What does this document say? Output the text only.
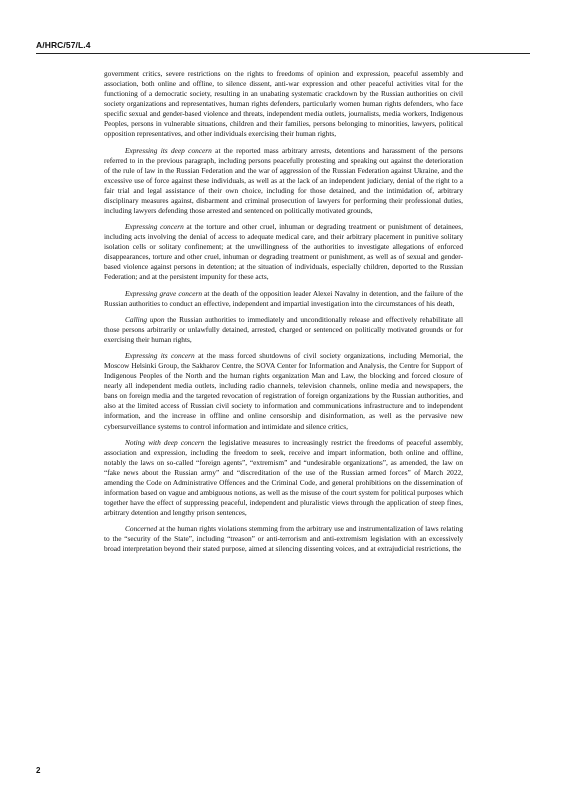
A/HRC/57/L.4

government critics, severe restrictions on the rights to freedoms of opinion and expression, peaceful assembly and association, both online and offline, to silence dissent, anti-war expression and other peaceful activities vital for the functioning of a democratic society, resulting in an unabating systematic crackdown by the Russian authorities on civil society organizations and representatives, human rights defenders, particularly women human rights defenders, who face specific sexual and gender-based violence and threats, independent media outlets, journalists, media workers, Indigenous Peoples, persons in vulnerable situations, children and their families, persons belonging to minorities, lawyers, political opposition representatives, and other individuals exercising their human rights,

Expressing its deep concern at the reported mass arbitrary arrests, detentions and harassment of the persons referred to in the previous paragraph, including persons peacefully protesting and speaking out against the deterioration of the rule of law in the Russian Federation and the war of aggression of the Russian Federation against Ukraine, and the excessive use of force against these individuals, as well as at the lack of an independent judiciary, denial of the right to a fair trial and legal assistance of their own choice, including for those detained, and the intimidation of, arbitrary disciplinary measures against, disbarment and criminal prosecution of lawyers for performing their professional duties, including lawyers defending those arrested and sentenced on politically motivated grounds,

Expressing concern at the torture and other cruel, inhuman or degrading treatment or punishment of detainees, including acts involving the denial of access to adequate medical care, and their arbitrary placement in punitive solitary isolation cells or solitary confinement; at the unwillingness of the authorities to investigate allegations of enforced disappearances, torture and other cruel, inhuman or degrading treatment or punishment, as well as of sexual and gender-based violence against persons in detention; at the situation of individuals, especially children, deported to the Russian Federation; and at the persistent impunity for these acts,

Expressing grave concern at the death of the opposition leader Alexei Navalny in detention, and the failure of the Russian authorities to conduct an effective, independent and impartial investigation into the circumstances of his death,

Calling upon the Russian authorities to immediately and unconditionally release and effectively rehabilitate all those persons arbitrarily or unlawfully detained, arrested, charged or sentenced on politically motivated grounds or for exercising their human rights,

Expressing its concern at the mass forced shutdowns of civil society organizations, including Memorial, the Moscow Helsinki Group, the Sakharov Centre, the SOVA Center for Information and Analysis, the Centre for Support of Indigenous Peoples of the North and the human rights organization Man and Law, the blocking and forced closure of nearly all independent media outlets, including radio channels, television channels, online media and newspapers, the bans on foreign media and the targeted revocation of registration of foreign organizations by the Russian authorities, and also at the limited access of Russian civil society to information and communications infrastructure and to independent information, and the increase in offline and online censorship and disinformation, as well as the pervasive new cybersurveillance systems to control information and intimidate and silence critics,

Noting with deep concern the legislative measures to increasingly restrict the freedoms of peaceful assembly, association and expression, including the freedom to seek, receive and impart information, both online and offline, notably the laws on so-called “foreign agents”, “extremism” and “undesirable organizations”, as amended, the law on “fake news about the Russian army” and “discreditation of the use of the Russian armed forces” of March 2022, amending the Code on Administrative Offences and the Criminal Code, and general prohibitions on the dissemination of information based on vague and ambiguous notions, as well as the misuse of the court system for political purposes which together have the effect of suppressing peaceful, independent and pluralistic views through the application of steep fines, arbitrary detention and lengthy prison sentences,

Concerned at the human rights violations stemming from the arbitrary use and instrumentalization of laws relating to the “security of the State”, including “treason” or anti-terrorism and anti-extremism legislation with an excessively broad interpretation beyond their stated purpose, aimed at silencing dissenting voices, and at extrajudicial restrictions, the

2
